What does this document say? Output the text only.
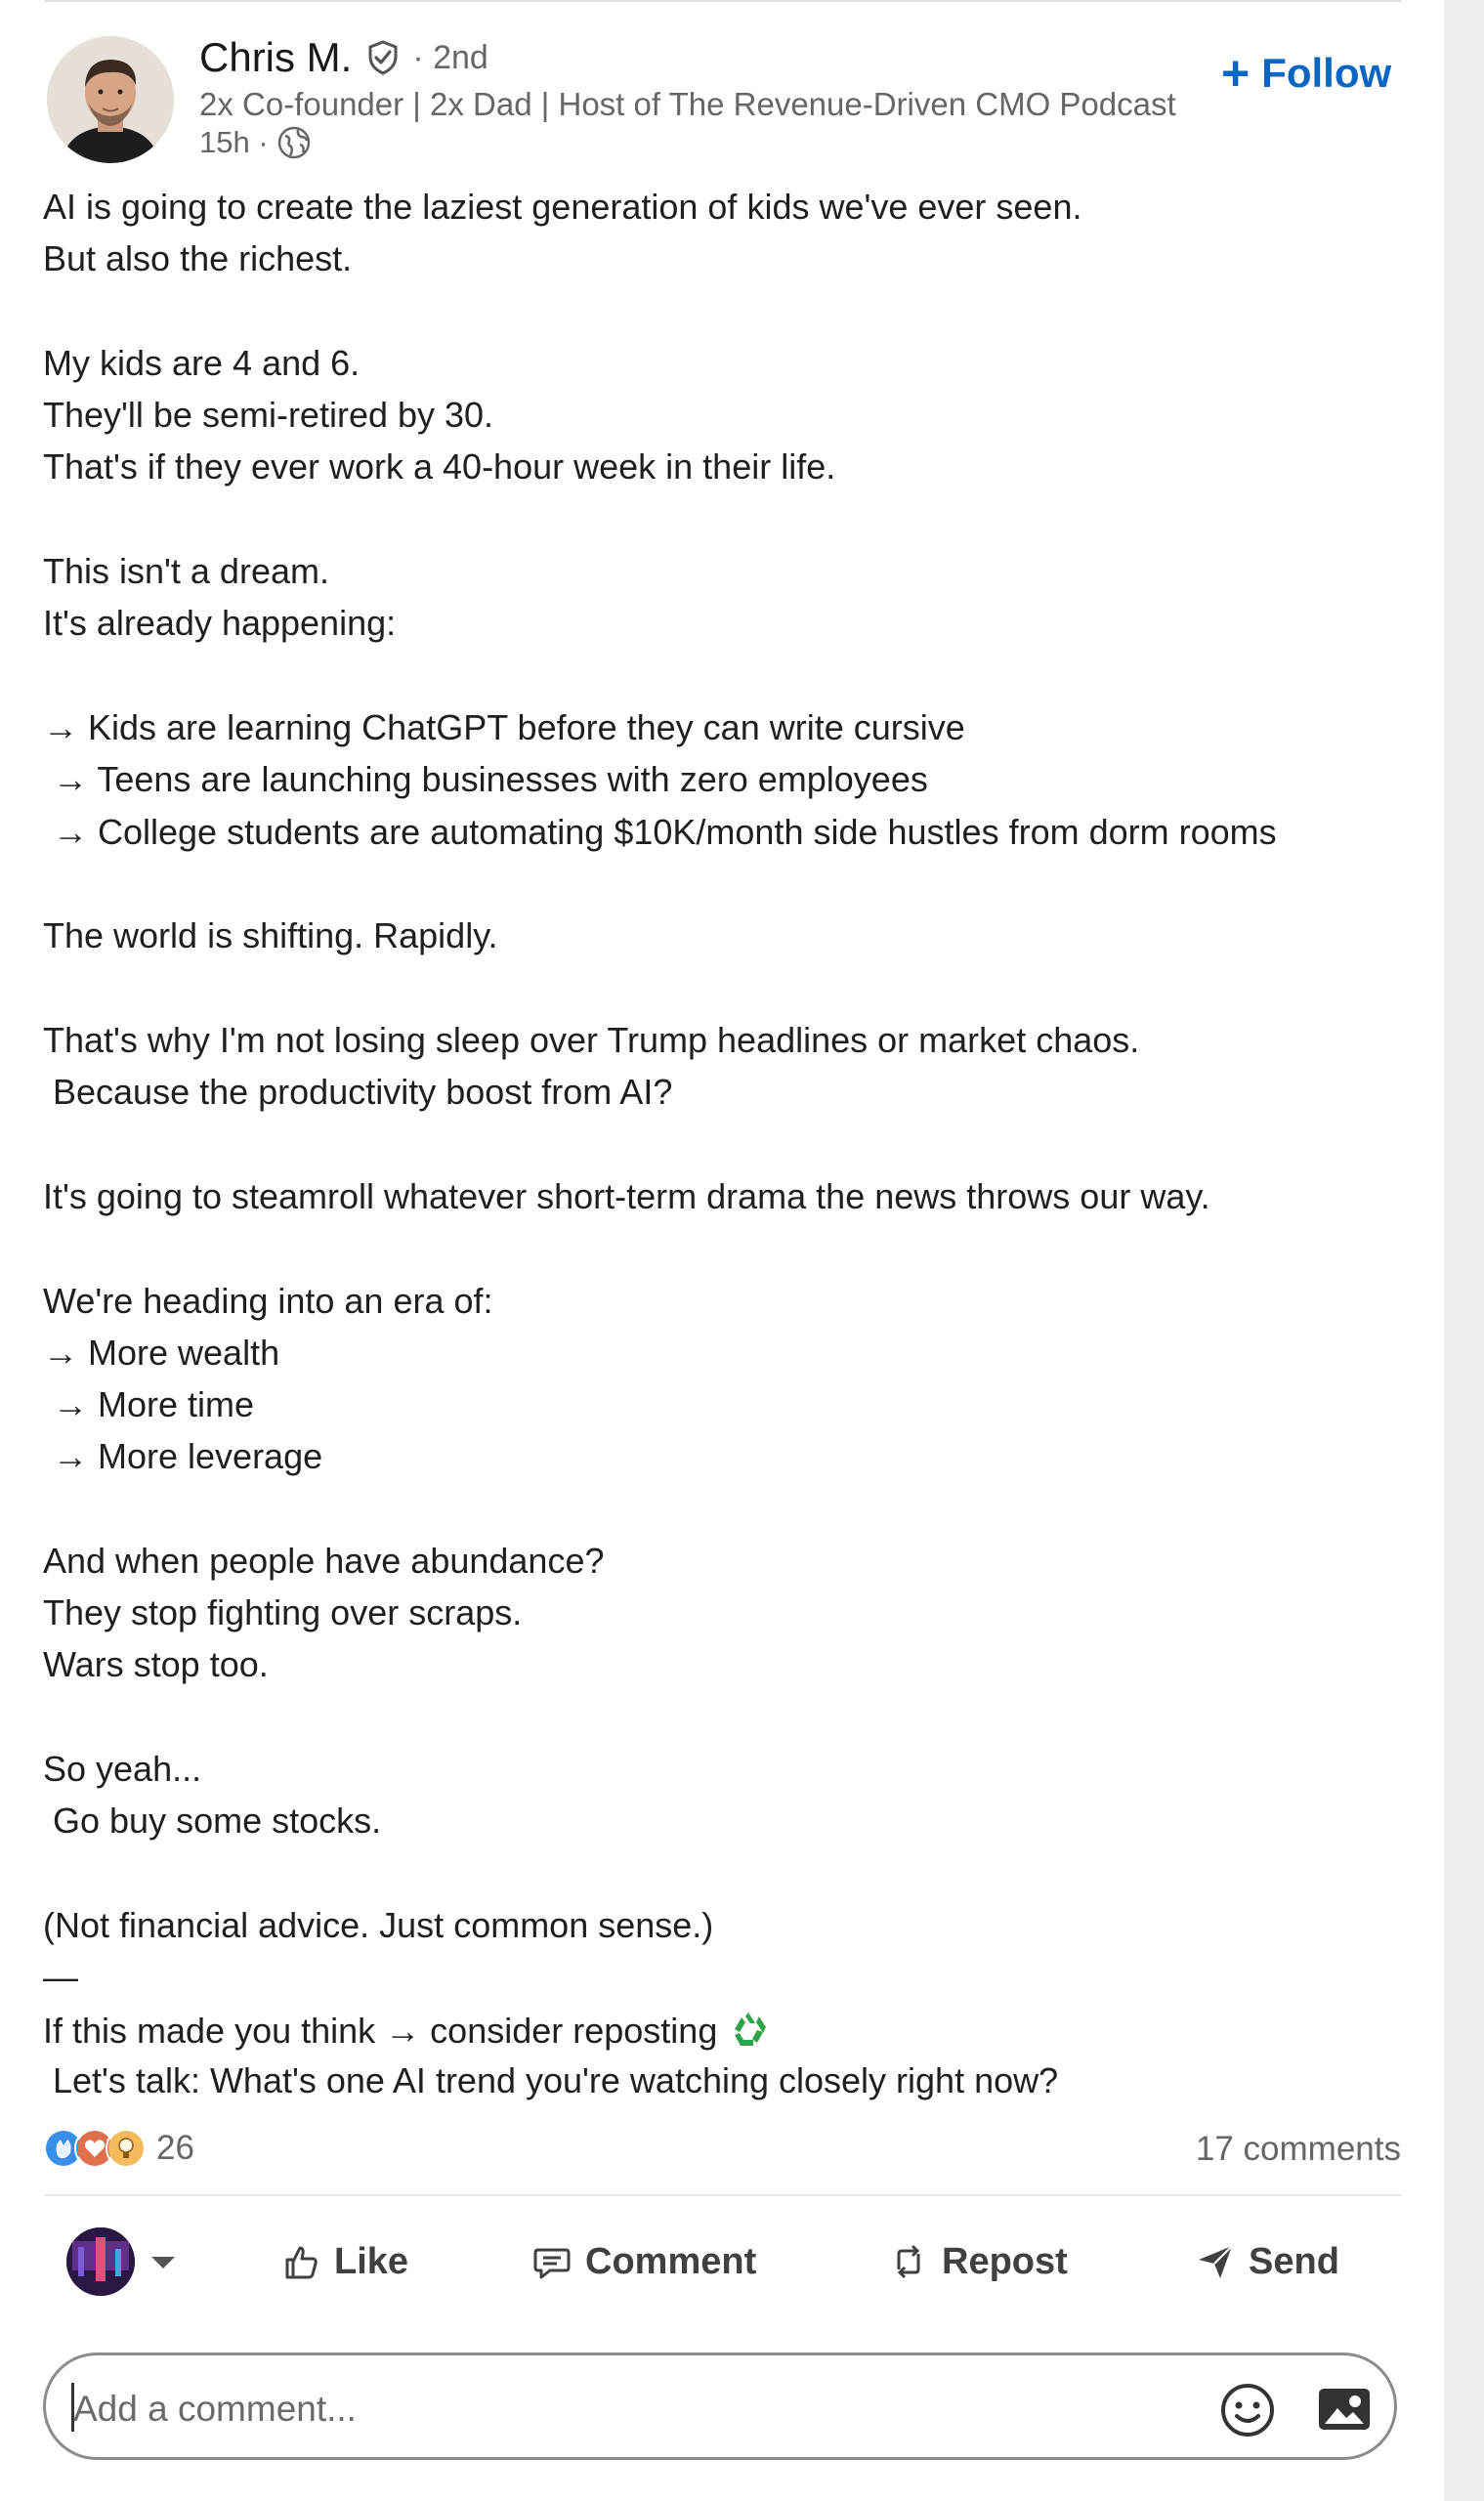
Chris M. · 2nd
2x Co-founder | 2x Dad | Host of The Revenue-Driven CMO Podcast
15h ·
+ Follow
AI is going to create the laziest generation of kids we've ever seen.
But also the richest.
My kids are 4 and 6.
They'll be semi-retired by 30.
That's if they ever work a 40-hour week in their life.
This isn't a dream.
It's already happening:
→ Kids are learning ChatGPT before they can write cursive
→ Teens are launching businesses with zero employees
→ College students are automating $10K/month side hustles from dorm rooms
The world is shifting. Rapidly.
That's why I'm not losing sleep over Trump headlines or market chaos.
Because the productivity boost from AI?
It's going to steamroll whatever short-term drama the news throws our way.
We're heading into an era of:
→ More wealth
→ More time
→ More leverage
And when people have abundance?
They stop fighting over scraps.
Wars stop too.
So yeah...
Go buy some stocks.
(Not financial advice. Just common sense.)
—
If this made you think → consider reposting
Let's talk: What's one AI trend you're watching closely right now?
26	17 comments
Like	Comment	Repost	Send
Add a comment...
